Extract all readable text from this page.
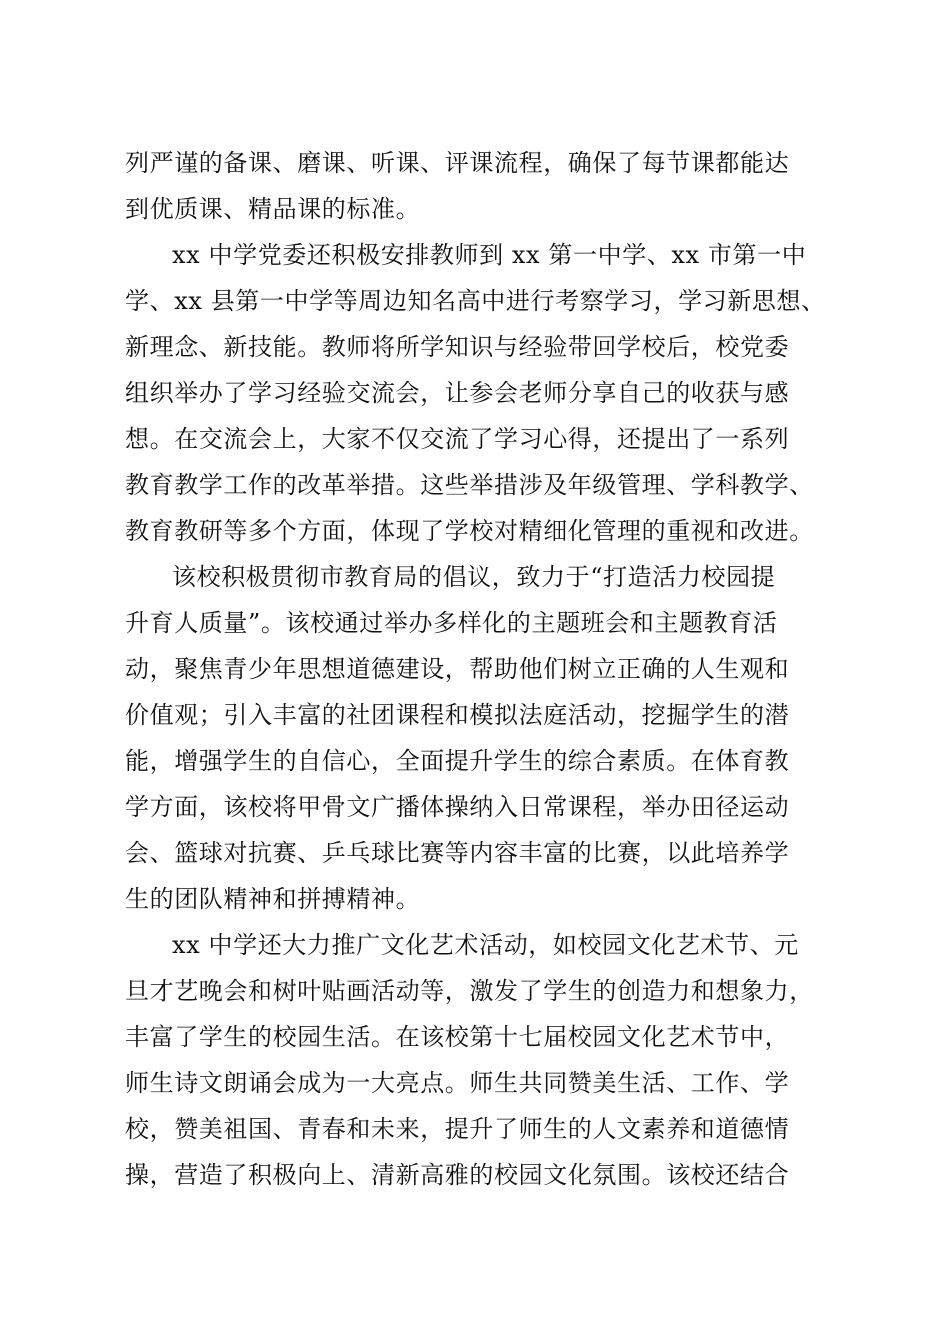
列严谨的备课、磨课、听课、评课流程，确保了每节课都能达
到优质课、精品课的标准。
xx 中学党委还积极安排教师到 xx 第一中学、xx 市第一中
学、xx 县第一中学等周边知名高中进行考察学习，学习新思想、
新理念、新技能。教师将所学知识与经验带回学校后，校党委
组织举办了学习经验交流会，让参会老师分享自己的收获与感
想。在交流会上，大家不仅交流了学习心得，还提出了一系列
教育教学工作的改革举措。这些举措涉及年级管理、学科教学、
教育教研等多个方面，体现了学校对精细化管理的重视和改进。
该校积极贯彻市教育局的倡议，致力于“打造活力校园提
升育人质量”。该校通过举办多样化的主题班会和主题教育活
动，聚焦青少年思想道德建设，帮助他们树立正确的人生观和
价值观；引入丰富的社团课程和模拟法庭活动，挖掘学生的潜
能，增强学生的自信心，全面提升学生的综合素质。在体育教
学方面，该校将甲骨文广播体操纳入日常课程，举办田径运动
会、篮球对抗赛、乒乓球比赛等内容丰富的比赛，以此培养学
生的团队精神和拼搏精神。
xx 中学还大力推广文化艺术活动，如校园文化艺术节、元
旦才艺晚会和树叶贴画活动等，激发了学生的创造力和想象力，
丰富了学生的校园生活。在该校第十七届校园文化艺术节中，
师生诗文朗诵会成为一大亮点。师生共同赞美生活、工作、学
校，赞美祖国、青春和未来，提升了师生的人文素养和道德情
操，营造了积极向上、清新高雅的校园文化氛围。该校还结合
